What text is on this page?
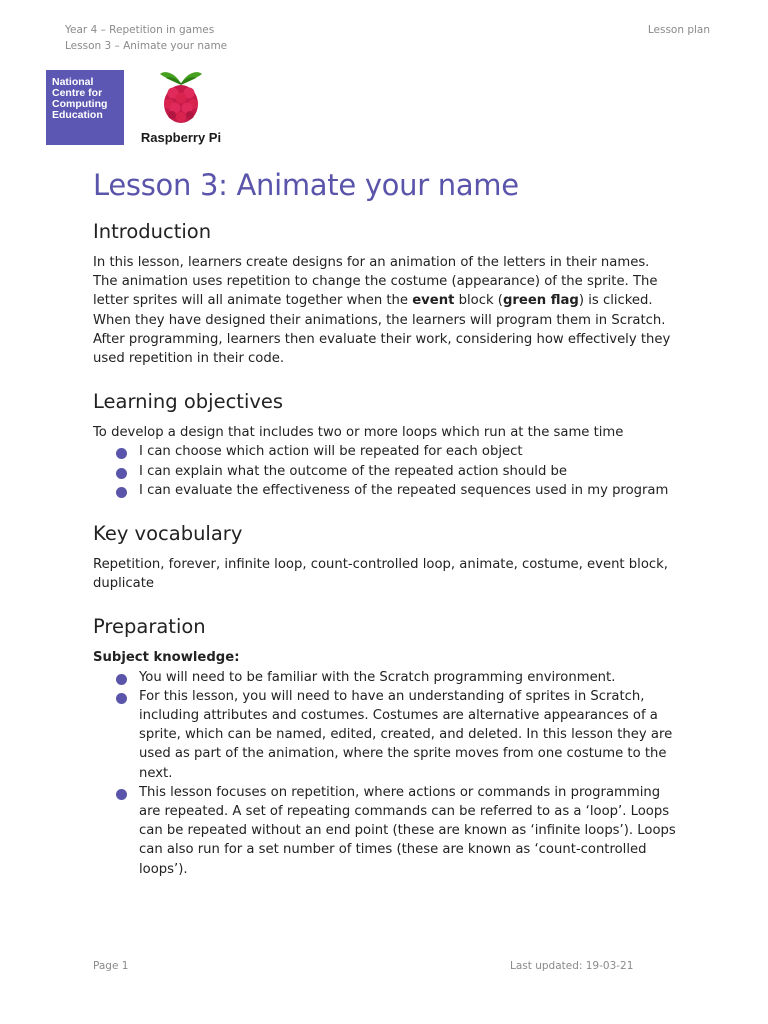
Year 4 – Repetition in games
Lesson 3 – Animate your name
Lesson plan
National
Centre for
Computing
Education
Raspberry Pi
Lesson 3: Animate your name
Introduction

In this lesson, learners create designs for an animation of the letters in their names. The animation uses repetition to change the costume (appearance) of the sprite. The letter sprites will all animate together when the event block (green flag) is clicked. When they have designed their animations, the learners will program them in Scratch. After programming, learners then evaluate their work, considering how effectively they used repetition in their code.

Learning objectives

To develop a design that includes two or more loops which run at the same time

I can choose which action will be repeated for each object
I can explain what the outcome of the repeated action should be
I can evaluate the effectiveness of the repeated sequences used in my program
Key vocabulary

Repetition, forever, infinite loop, count-controlled loop, animate, costume, event block, duplicate

Preparation
Subject knowledge:
You will need to be familiar with the Scratch programming environment.
For this lesson, you will need to have an understanding of sprites in Scratch, including attributes and costumes. Costumes are alternative appearances of a sprite, which can be named, edited, created, and deleted. In this lesson they are used as part of the animation, where the sprite moves from one costume to the next.
This lesson focuses on repetition, where actions or commands in programming are repeated. A set of repeating commands can be referred to as a ‘loop’. Loops can be repeated without an end point (these are known as ‘infinite loops’). Loops can also run for a set number of times (these are known as ‘count-controlled loops’).
Page 1	Last updated: 19-03-21
